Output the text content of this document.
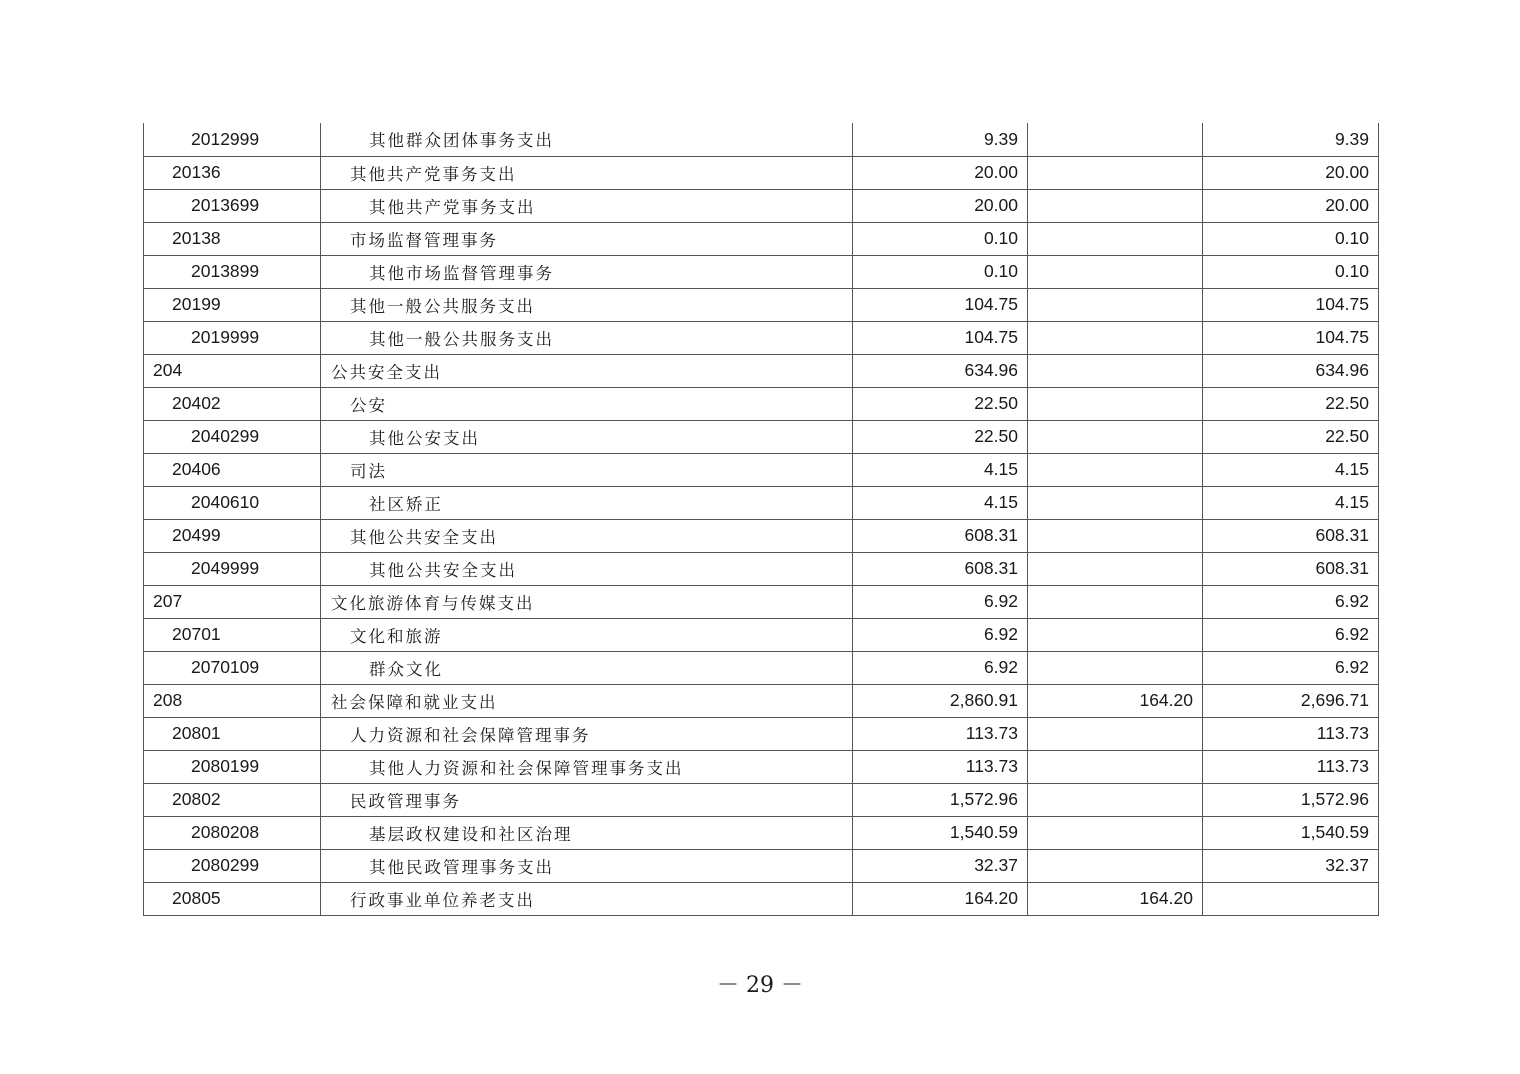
2012999	其他群众团体事务支出	9.39		9.39
20136	其他共产党事务支出	20.00		20.00
2013699	其他共产党事务支出	20.00		20.00
20138	市场监督管理事务	0.10		0.10
2013899	其他市场监督管理事务	0.10		0.10
20199	其他一般公共服务支出	104.75		104.75
2019999	其他一般公共服务支出	104.75		104.75
204	公共安全支出	634.96		634.96
20402	公安	22.50		22.50
2040299	其他公安支出	22.50		22.50
20406	司法	4.15		4.15
2040610	社区矫正	4.15		4.15
20499	其他公共安全支出	608.31		608.31
2049999	其他公共安全支出	608.31		608.31
207	文化旅游体育与传媒支出	6.92		6.92
20701	文化和旅游	6.92		6.92
2070109	群众文化	6.92		6.92
208	社会保障和就业支出	2,860.91	164.20	2,696.71
20801	人力资源和社会保障管理事务	113.73		113.73
2080199	其他人力资源和社会保障管理事务支出	113.73		113.73
20802	民政管理事务	1,572.96		1,572.96
2080208	基层政权建设和社区治理	1,540.59		1,540.59
2080299	其他民政管理事务支出	32.37		32.37
20805	行政事业单位养老支出	164.20	164.20	
－ 29 －
